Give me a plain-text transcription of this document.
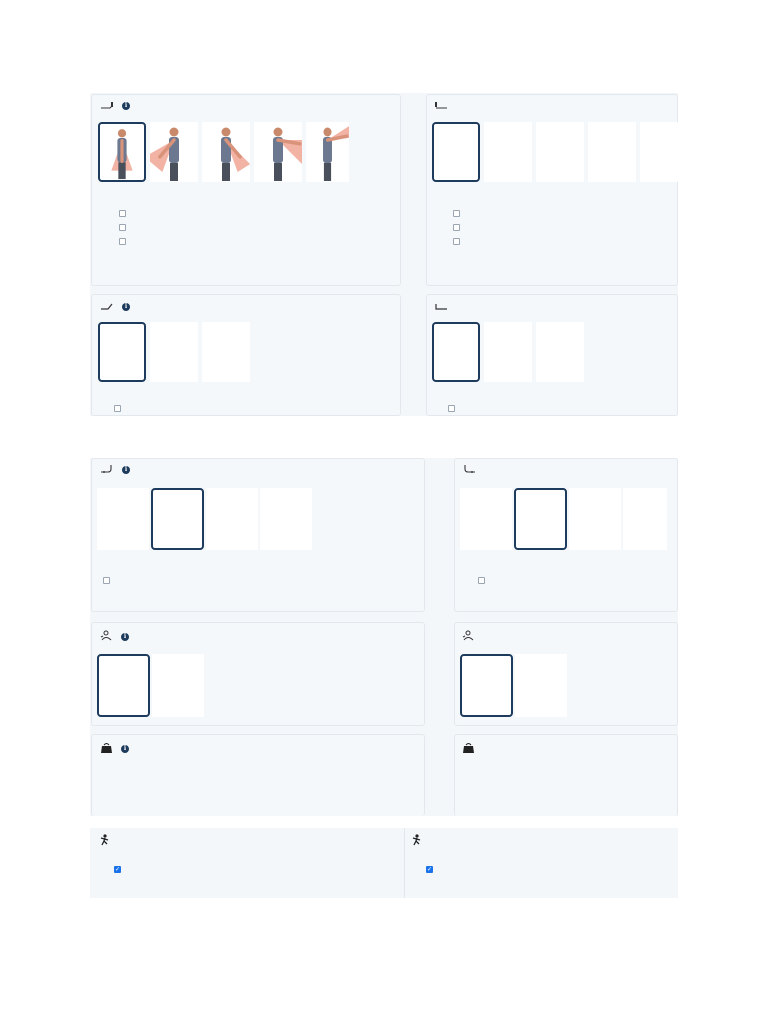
i
i
i
i
i
✓	✓
